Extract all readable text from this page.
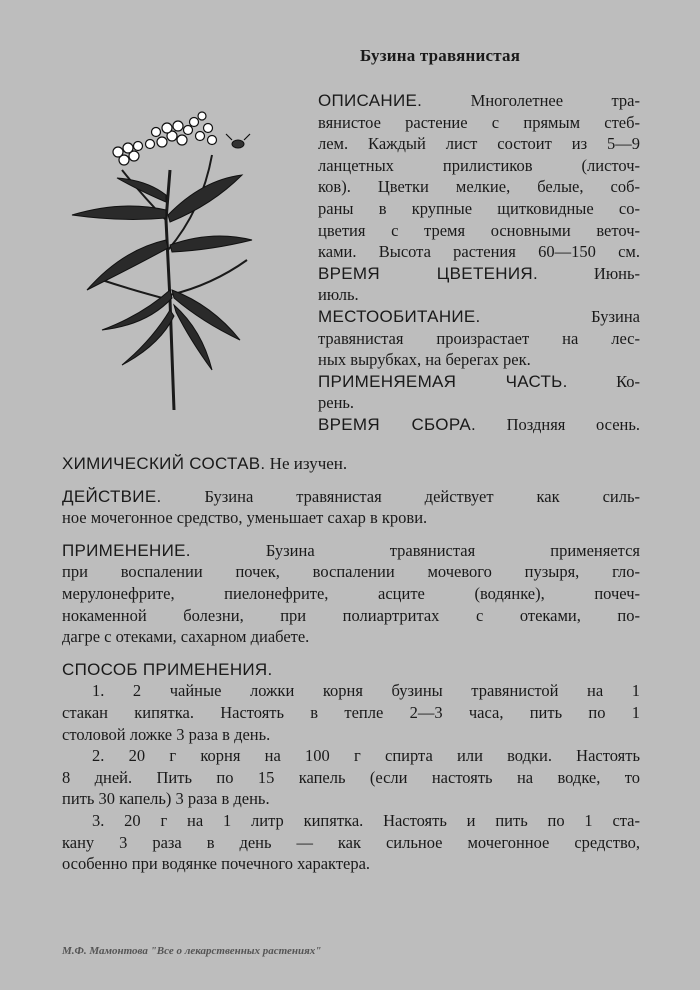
Бузина травянистая
ОПИСАНИЕ.	Многолетнее тра-
вянистое растение с прямым стеб-
лем. Каждый лист состоит из 5—9
ланцетных прилистиков (листоч-
ков). Цветки мелкие, белые, соб-
раны в крупные щитковидные со-
цветия с тремя основными веточ-
ками. Высота растения 60—150 см.
ВРЕМЯ ЦВЕТЕНИЯ.	Июнь-
июль.
МЕСТООБИТАНИЕ.	Бузина
травянистая произрастает на лес-
ных вырубках, на берегах рек.
ПРИМЕНЯЕМАЯ ЧАСТЬ.	Ко-
рень.
ВРЕМЯ СБОРА. Поздняя осень.
ХИМИЧЕСКИЙ СОСТАВ. Не изучен.
ДЕЙСТВИЕ.	Бузина травянистая действует как силь-
ное мочегонное средство, уменьшает сахар в крови.
ПРИМЕНЕНИЕ.	Бузина травянистая применяется
при воспалении почек, воспалении мочевого пузыря, гло-
мерулонефрите, пиелонефрите, асците (водянке), почеч-
нокаменной болезни, при полиартритах с отеками, по-
дагре с отеками, сахарном диабете.
СПОСОБ ПРИМЕНЕНИЯ.
1. 2 чайные ложки корня бузины травянистой на 1
стакан кипятка. Настоять в тепле 2—3 часа, пить по 1
столовой ложке 3 раза в день.
2. 20 г корня на 100 г спирта или водки. Настоять
8 дней. Пить по 15 капель (если настоять на водке, то
пить 30 капель) 3 раза в день.
3. 20 г на 1 литр кипятка. Настоять и пить по 1 ста-
кану 3 раза в день — как сильное мочегонное средство,
особенно при водянке почечного характера.
М.Ф. Мамонтова "Все о лекарственных растениях"
